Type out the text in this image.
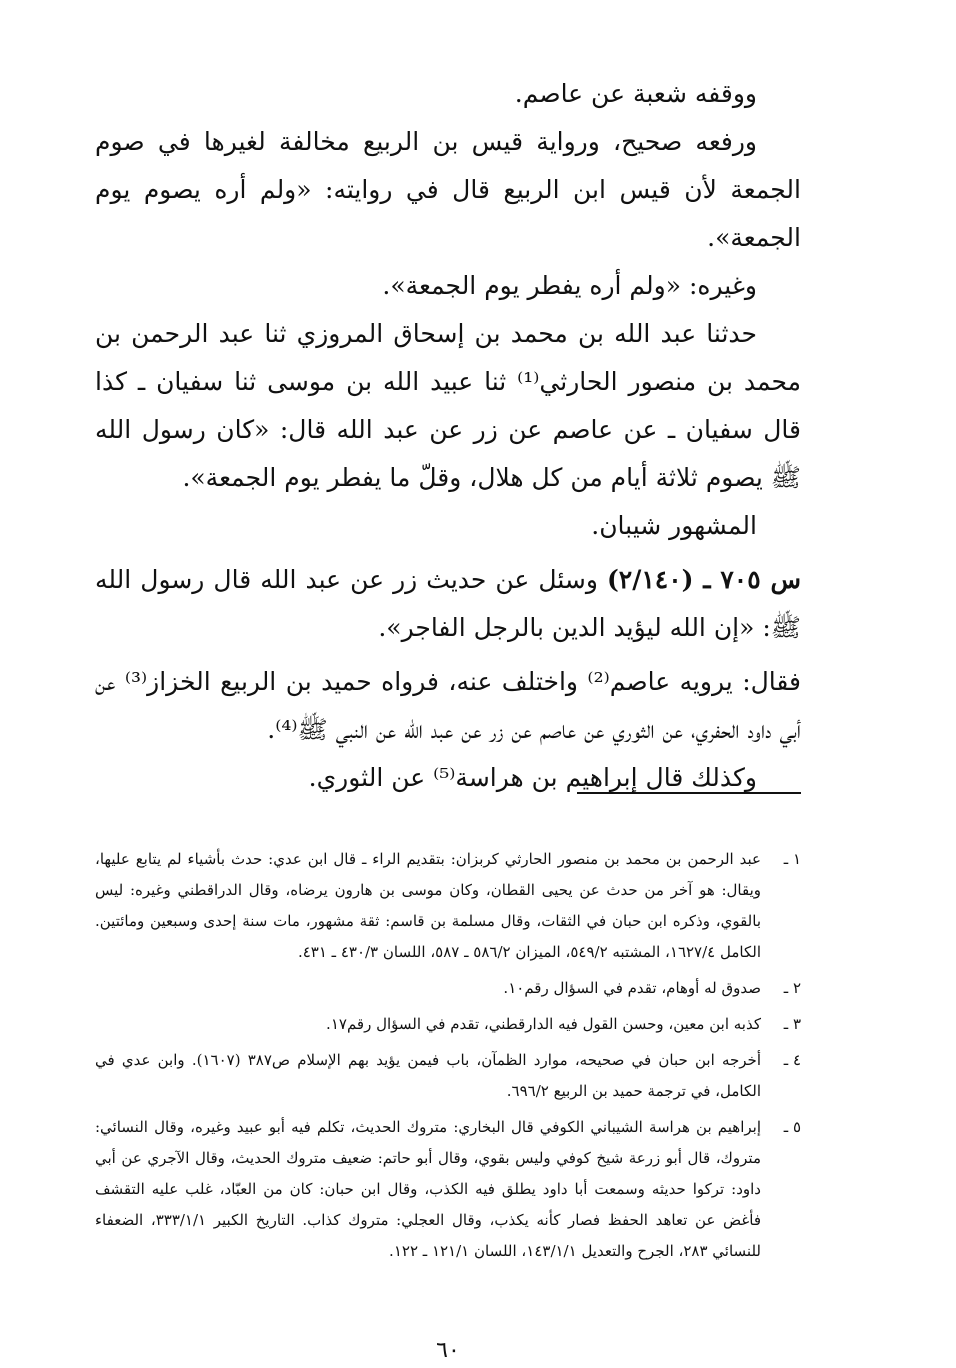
ووقفه شعبة عن عاصم.

ورفعه صحيح، ورواية قيس بن الربيع مخالفة لغيرها في صوم الجمعة لأن قيس ابن الربيع قال في روايته: «ولم أره يصوم يوم الجمعة».

وغيره: «ولم أره يفطر يوم الجمعة».

حدثنا عبد الله بن محمد بن إسحاق المروزي ثنا عبد الرحمن بن محمد بن منصور الحارثي⁽¹⁾ ثنا عبيد الله بن موسى ثنا سفيان ـ كذا قال سفيان ـ عن عاصم عن زر عن عبد الله قال: «كان رسول الله ﷺ يصوم ثلاثة أيام من كل هلال، وقلّ ما يفطر يوم الجمعة».

المشهور شيبان.

س ٧٠٥ ـ (٢/١٤٠) وسئل عن حديث زر عن عبد الله قال رسول الله ﷺ: «إن الله ليؤيد الدين بالرجل الفاجر».

فقال: يرويه عاصم⁽²⁾ واختلف عنه، فرواه حميد بن الربيع الخزاز⁽³⁾ عن أبي داود الحفري، عن الثوري عن عاصم عن زر عن عبد الله عن النبي ﷺ⁽⁴⁾.

وكذلك قال إبراهيم بن هراسة⁽⁵⁾ عن الثوري.

١ ـ
عبد الرحمن بن محمد بن منصور الحارثي كربزان: بتقديم الراء ـ قال ابن عدي: حدث بأشياء لم يتابع عليها، ويقال: هو آخر من حدث عن يحيى القطان، وكان موسى بن هارون يرضاه، وقال الدراقطني وغيره: ليس بالقوي، وذكره ابن حبان في الثقات، وقال مسلمة بن قاسم: ثقة مشهور، مات سنة إحدى وسبعين ومائتين. الكامل ١٦٢٧/٤، المشتبه ٥٤٩/٢، الميزان ٥٨٦/٢ ـ ٥٨٧، اللسان ٤٣٠/٣ ـ ٤٣١.
٢ ـ
صدوق له أوهام، تقدم في السؤال رقم١٠.
٣ ـ
كذبه ابن معين، وحسن القول فيه الدارقطني، تقدم في السؤال رقم١٧.
٤ ـ
أخرجه ابن حبان في صحيحه، موارد الظمآن، باب فيمن يؤيد بهم الإسلام ص٣٨٧ (١٦٠٧). وابن عدي في الكامل، في ترجمة حميد بن الربيع ٦٩٦/٢.
٥ ـ
إبراهيم بن هراسة الشيباني الكوفي قال البخاري: متروك الحديث، تكلم فيه أبو عبيد وغيره، وقال النسائي: متروك، قال أبو زرعة شيخ كوفي وليس بقوي، وقال أبو حاتم: ضعيف متروك الحديث، وقال الآجري عن أبي داود: تركوا حديثه وسمعت أبا داود يطلق فيه الكذب، وقال ابن حبان: كان من العبّاد، غلب عليه التقشف فأغض عن تعاهد الحفظ فصار كأنه يكذب، وقال العجلي: متروك كذاب. التاريخ الكبير ٣٣٣/١/١، الضعفاء للنسائي ٢٨٣، الجرح والتعديل ١٤٣/١/١، اللسان ١٢١/١ ـ ١٢٢.
٦٠
